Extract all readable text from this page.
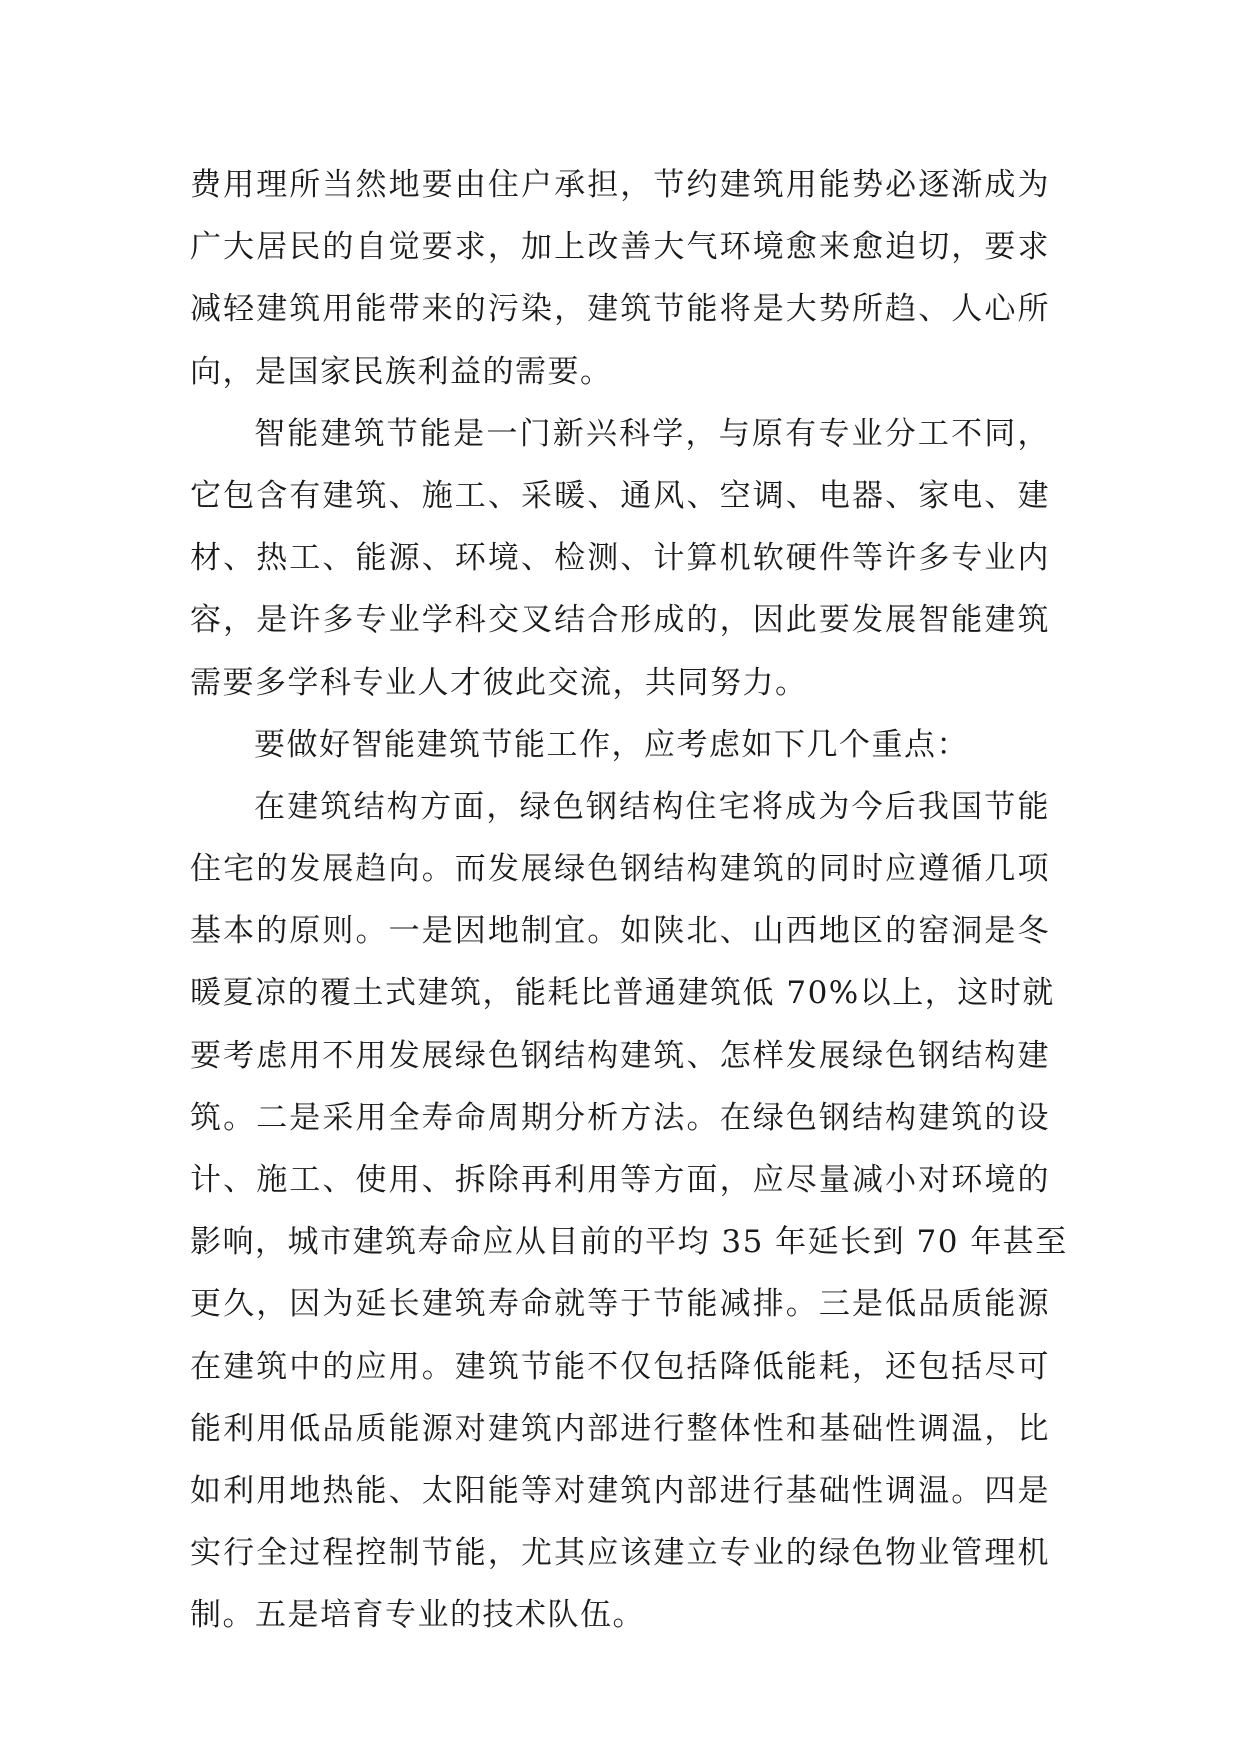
费用理所当然地要由住户承担，节约建筑用能势必逐渐成为
广大居民的自觉要求，加上改善大气环境愈来愈迫切，要求
减轻建筑用能带来的污染，建筑节能将是大势所趋、人心所
向，是国家民族利益的需要。
智能建筑节能是一门新兴科学，与原有专业分工不同，
它包含有建筑、施工、采暖、通风、空调、电器、家电、建
材、热工、能源、环境、检测、计算机软硬件等许多专业内
容，是许多专业学科交叉结合形成的，因此要发展智能建筑
需要多学科专业人才彼此交流，共同努力。
要做好智能建筑节能工作，应考虑如下几个重点：
在建筑结构方面，绿色钢结构住宅将成为今后我国节能
住宅的发展趋向。而发展绿色钢结构建筑的同时应遵循几项
基本的原则。一是因地制宜。如陕北、山西地区的窑洞是冬
暖夏凉的覆土式建筑，能耗比普通建筑低 70%以上，这时就
要考虑用不用发展绿色钢结构建筑、怎样发展绿色钢结构建
筑。二是采用全寿命周期分析方法。在绿色钢结构建筑的设
计、施工、使用、拆除再利用等方面，应尽量减小对环境的
影响，城市建筑寿命应从目前的平均 35 年延长到 70 年甚至
更久，因为延长建筑寿命就等于节能减排。三是低品质能源
在建筑中的应用。建筑节能不仅包括降低能耗，还包括尽可
能利用低品质能源对建筑内部进行整体性和基础性调温，比
如利用地热能、太阳能等对建筑内部进行基础性调温。四是
实行全过程控制节能，尤其应该建立专业的绿色物业管理机
制。五是培育专业的技术队伍。
